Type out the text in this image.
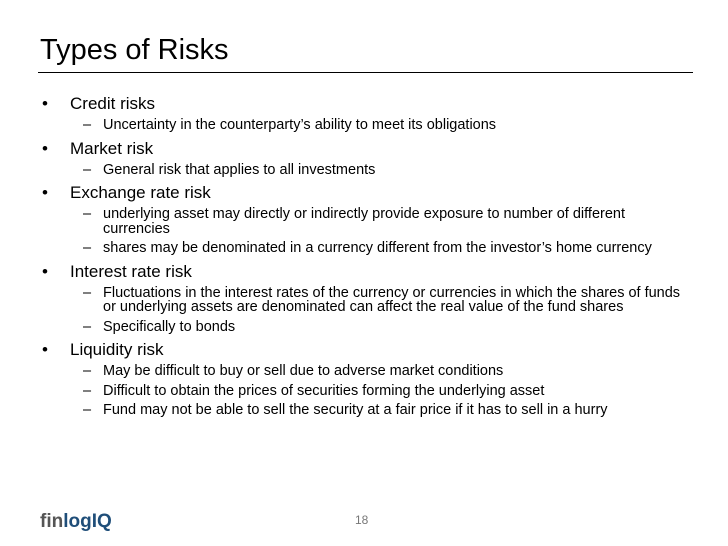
Types of Risks
• Credit risks
– Uncertainty in the counterparty’s ability to meet its obligations
• Market risk
– General risk that applies to all investments
• Exchange rate risk
– underlying asset may directly or indirectly provide exposure to number of different currencies
– shares may be denominated in a currency different from the investor’s home currency
• Interest rate risk
– Fluctuations in the interest rates of the currency or currencies in which the shares of funds or underlying assets are denominated can affect the real value of the fund shares
– Specifically to bonds
• Liquidity risk
– May be difficult to buy or sell due to adverse market conditions
– Difficult to obtain the prices of securities forming the underlying asset
– Fund may not be able to sell the security at a fair price if it has to sell in a hurry
finlogIQ	18
